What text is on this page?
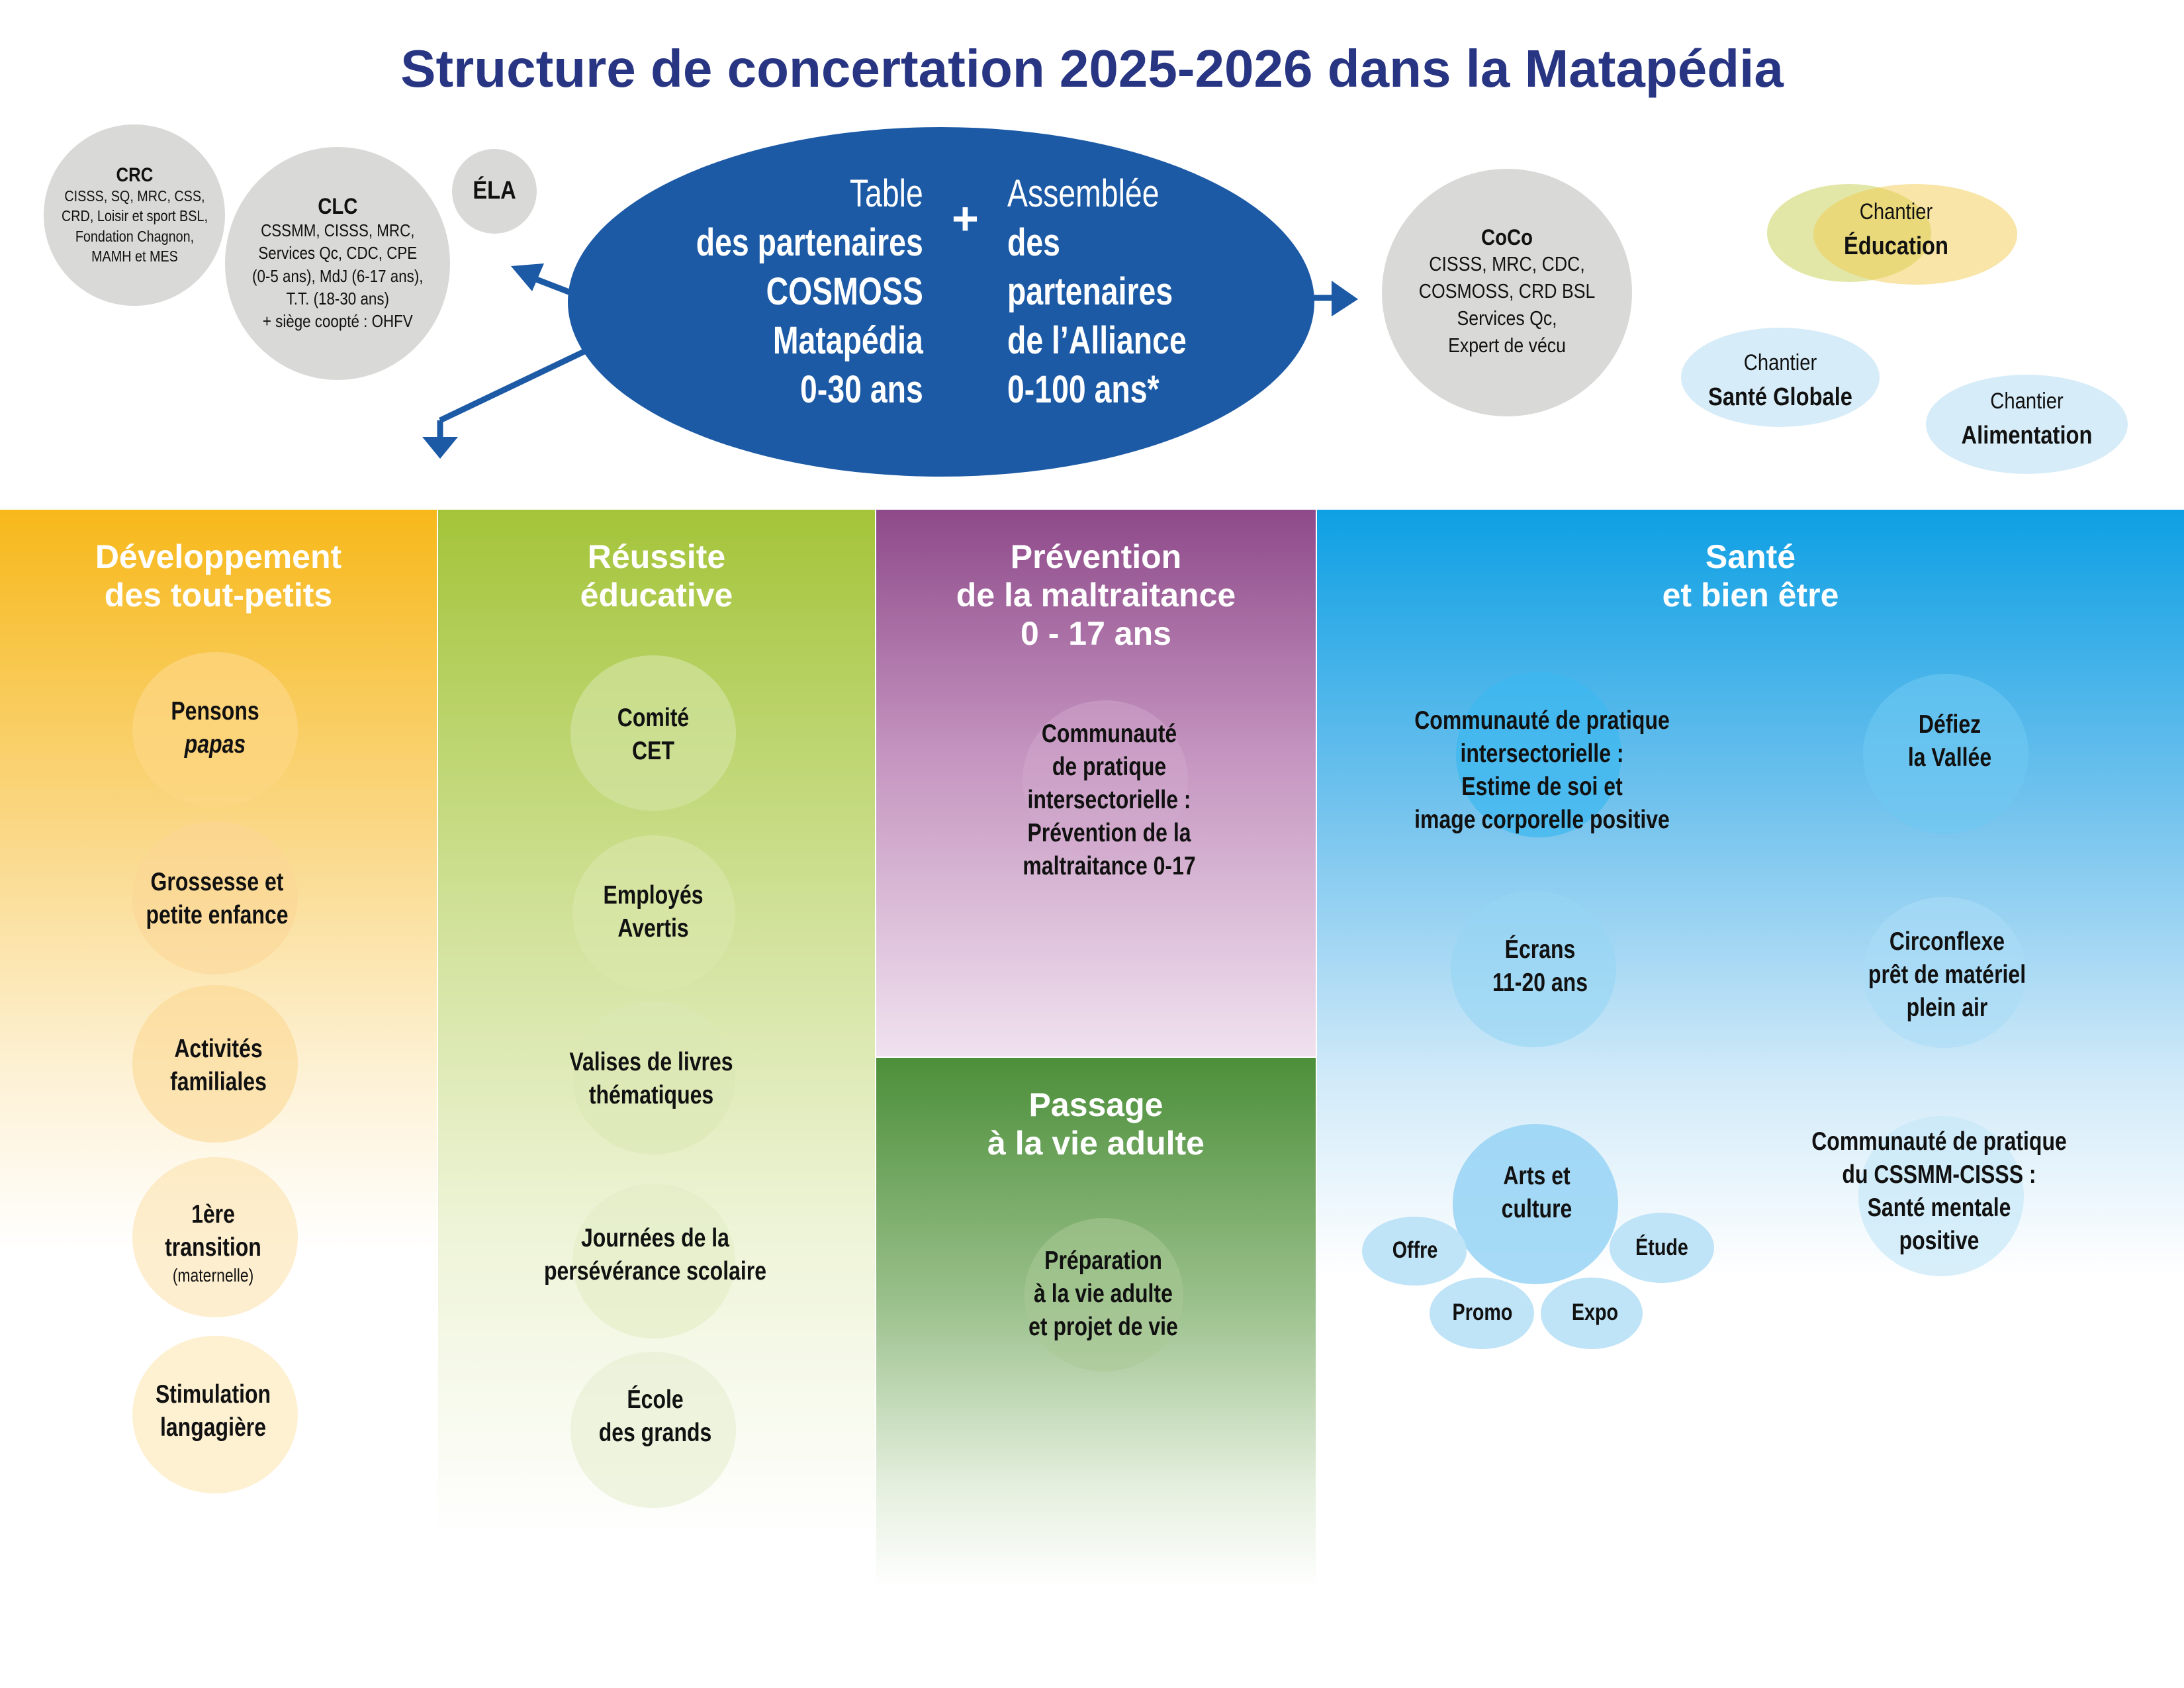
Structure de concertation 2025-2026 dans la Matapédia
CRC
CISSS, SQ, MRC, CSS,
CRD, Loisir et sport BSL,
Fondation Chagnon,
MAMH et MES
CLC
CSSMM, CISSS, MRC,
Services Qc, CDC, CPE
(0-5 ans), MdJ (6-17 ans),
T.T. (18-30 ans)
+ siège coopté : OHFV
ÉLA	Table
des partenaires
COSMOSS
Matapédia
0-30 ans
+ Assemblée
des
partenaires
de l’Alliance
0-100 ans*
CoCo
CISSS, MRC, CDC,
COSMOSS, CRD BSL
Services Qc,
Expert de vécu
Chantier
Éducation
Chantier
Santé Globale	Chantier
Alimentation
Développement
des tout-petits
Réussite
éducative
Prévention
de la maltraitance
0 - 17 ans
Passage
à la vie adulte
Santé
et bien être
Pensons
papas
Grossesse et
petite enfance
Activités
familiales
1ère
transition
(maternelle)
Stimulation
langagière
Comité
CET
Employés
Avertis
Valises de livres
thématiques
Journées de la
persévérance scolaire
École
des grands
Communauté
de pratique
intersectorielle :
Prévention de la
maltraitance 0-17
Préparation
à la vie adulte
et projet de vie
Communauté de pratique
intersectorielle :
Estime de soi et
image corporelle positive
Défiez
la Vallée
Écrans
11-20 ans
Circonflexe
prêt de matériel
plein air
Arts et
culture
Offre	Étude
Promo	Expo
Communauté de pratique
du CSSMM-CISSS :
Santé mentale
positive
